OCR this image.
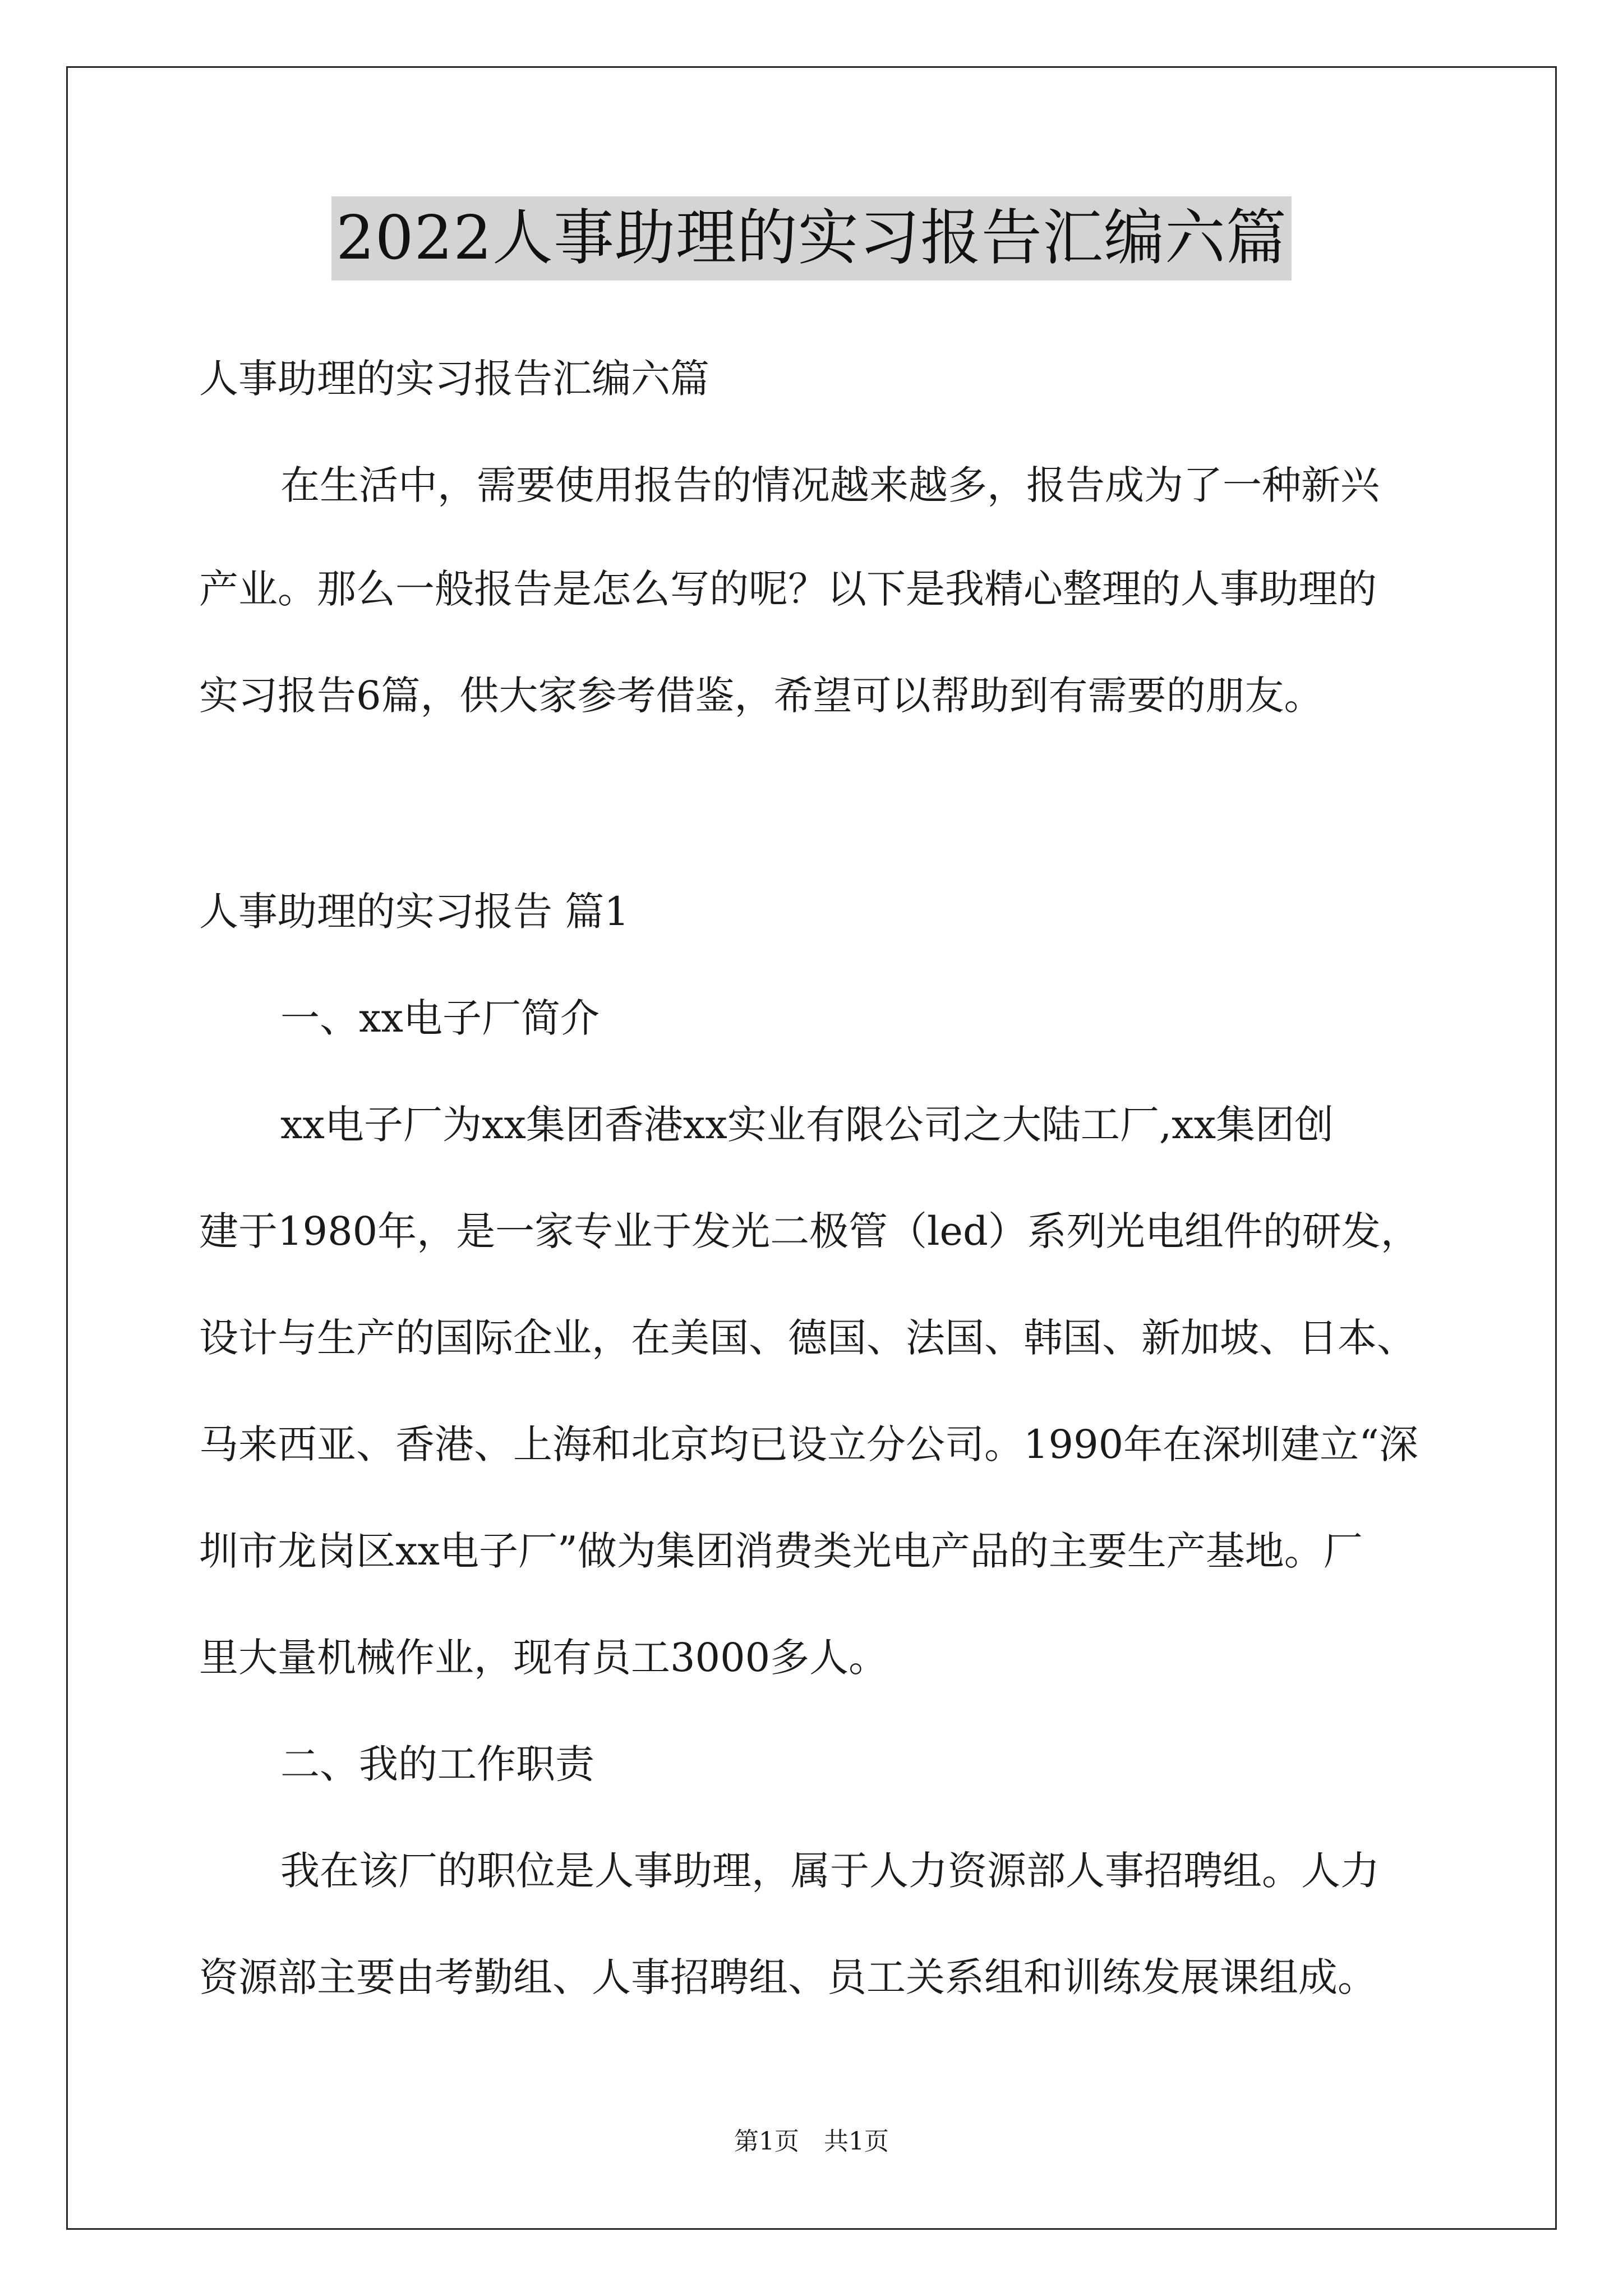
2022人事助理的实习报告汇编六篇
人事助理的实习报告汇编六篇
在生活中，需要使用报告的情况越来越多，报告成为了一种新兴
产业。那么一般报告是怎么写的呢？以下是我精心整理的人事助理的
实习报告6篇，供大家参考借鉴，希望可以帮助到有需要的朋友。
人事助理的实习报告 篇1
一、xx电子厂简介
xx电子厂为xx集团香港xx实业有限公司之大陆工厂,xx集团创
建于1980年，是一家专业于发光二极管（led）系列光电组件的研发，
设计与生产的国际企业，在美国、德国、法国、韩国、新加坡、日本、
马来西亚、香港、上海和北京均已设立分公司。1990年在深圳建立“深
圳市龙岗区xx电子厂”做为集团消费类光电产品的主要生产基地。厂
里大量机械作业，现有员工3000多人。
二、我的工作职责
我在该厂的职位是人事助理，属于人力资源部人事招聘组。人力
资源部主要由考勤组、人事招聘组、员工关系组和训练发展课组成。
第1页　共1页
